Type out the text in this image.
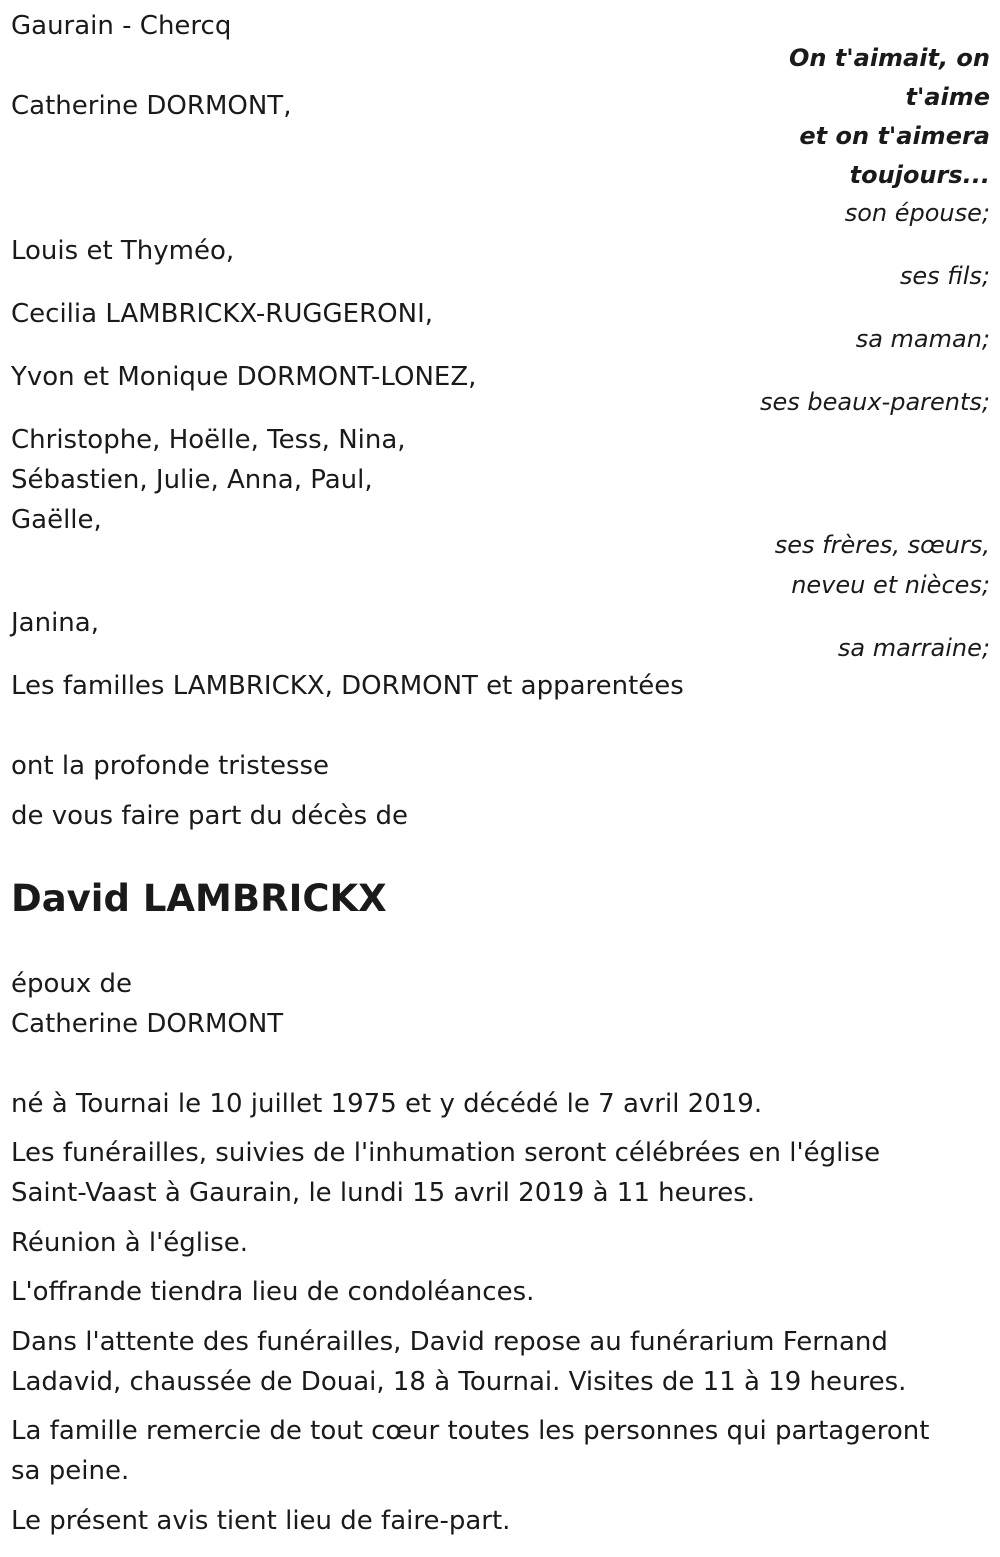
Gaurain - Chercq

On t'aimait, on
t'aime
et on t'aimera
toujours...

Catherine DORMONT,

son épouse;

Louis et Thyméo,

ses fils;

Cecilia LAMBRICKX-RUGGERONI,

sa maman;

Yvon et Monique DORMONT-LONEZ,

ses beaux-parents;

Christophe, Hoëlle, Tess, Nina,

Sébastien, Julie, Anna, Paul,

Gaëlle,

ses frères, sœurs,

neveu et nièces;

Janina,

sa marraine;

Les familles LAMBRICKX, DORMONT et apparentées

ont la profonde tristesse

de vous faire part du décès de

David LAMBRICKX

époux de

Catherine DORMONT

né à Tournai le 10 juillet 1975 et y décédé le 7 avril 2019.

Les funérailles, suivies de l'inhumation seront célébrées en l'église

Saint-Vaast à Gaurain, le lundi 15 avril 2019 à 11 heures.

Réunion à l'église.

L'offrande tiendra lieu de condoléances.

Dans l'attente des funérailles, David repose au funérarium Fernand

Ladavid, chaussée de Douai, 18 à Tournai. Visites de 11 à 19 heures.

La famille remercie de tout cœur toutes les personnes qui partageront

sa peine.

Le présent avis tient lieu de faire-part.
